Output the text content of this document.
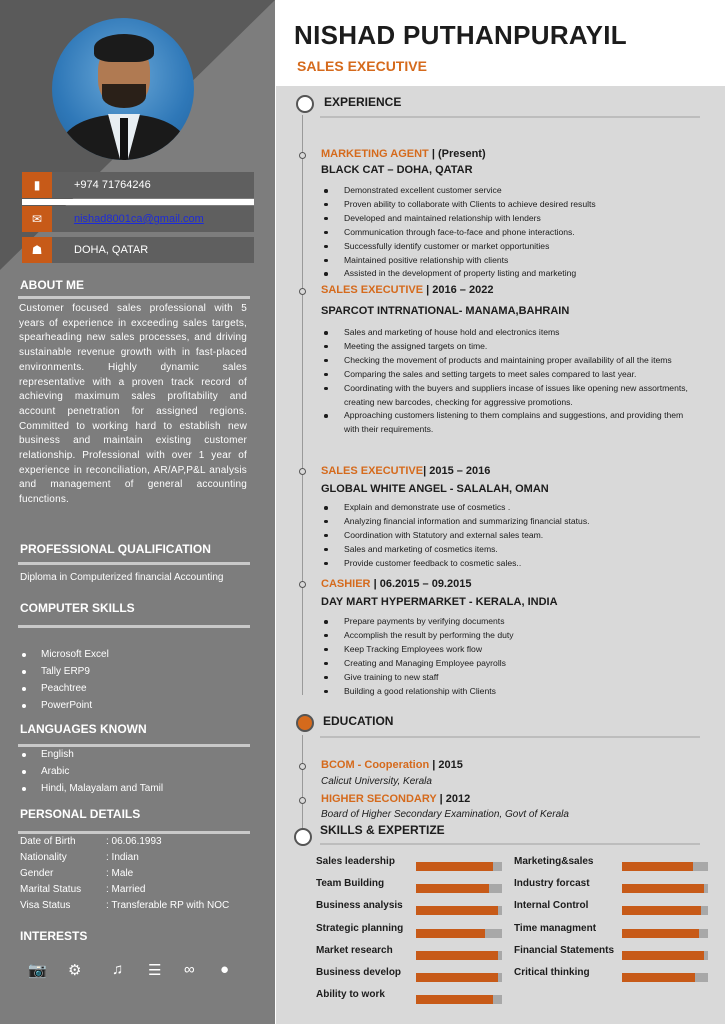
▮	+974 71764246
✉	nishad8001ca@gmail.com
☗	DOHA, QATAR
ABOUT ME
Customer focused sales professional with 5 years of experience in exceeding sales targets, spearheading new sales processes, and driving sustainable revenue growth with in fast-placed environments. Highly dynamic sales representative with a proven track record of achieving maximum sales profitability and account penetration for assigned regions. Committed to working hard to establish new business and maintain existing customer relationship. Professional with over 1 year of experience in reconciliation, AR/AP,P&L analysis and management of general accounting fucnctions.
PROFESSIONAL QUALIFICATION
Diploma in Computerized financial Accounting
COMPUTER SKILLS
Microsoft Excel
Tally ERP9
Peachtree
PowerPoint
LANGUAGES KNOWN
English
Arabic
Hindi, Malayalam and Tamil
PERSONAL DETAILS
Date of Birth	: 06.06.1993
Nationality	: Indian
Gender	: Male
Marital Status : Married
Visa Status	: Transferable RP with NOC
INTERESTS
📷 ⚙ ♫ ☰ ∞ ●
NISHAD PUTHANPURAYIL
SALES EXECUTIVE
EXPERIENCE
MARKETING AGENT | (Present)
BLACK CAT – DOHA, QATAR
Demonstrated excellent customer service
Proven ability to collaborate with Clients to achieve desired results
Developed and maintained relationship with lenders
Communication through face-to-face and phone interactions.
Successfully identify customer or market opportunities
Maintained positive relationship with clients
Assisted in the development of property listing and marketing
SALES EXECUTIVE | 2016 – 2022
SPARCOT INTRNATIONAL- MANAMA,BAHRAIN
Sales and marketing of house hold and electronics items
Meeting the assigned targets on time.
Checking the movement of products and maintaining proper availability of all the items
Comparing the sales and setting targets to meet sales compared to last year.
Coordinating with the buyers and suppliers incase of issues like opening new assortments, creating new barcodes, checking for aggressive promotions.
Approaching customers listening to them complains and suggestions, and providing them with their requirements.
SALES EXECUTIVE| 2015 – 2016
GLOBAL WHITE ANGEL - SALALAH, OMAN
Explain and demonstrate use of cosmetics .
Analyzing financial information and summarizing financial status.
Coordination with Statutory and external sales team.
Sales and marketing of cosmetics items.
Provide customer feedback to cosmetic sales..
CASHIER | 06.2015 – 09.2015
DAY MART HYPERMARKET - KERALA, INDIA
Prepare payments by verifying documents
Accomplish the result by performing the duty
Keep Tracking Employees work flow
Creating and Managing Employee payrolls
Give training to new staff
Building a good relationship with Clients
EDUCATION
BCOM - Cooperation | 2015
Calicut University, Kerala
HIGHER SECONDARY | 2012
Board of Higher Secondary Examination, Govt of Kerala
SKILLS & EXPERTIZE
Sales leadership
Team Building
Business analysis
Strategic planning
Market research
Business develop
Ability to work
Marketing&sales
Industry forcast
Internal Control
Time managment
Financial Statements
Critical thinking
